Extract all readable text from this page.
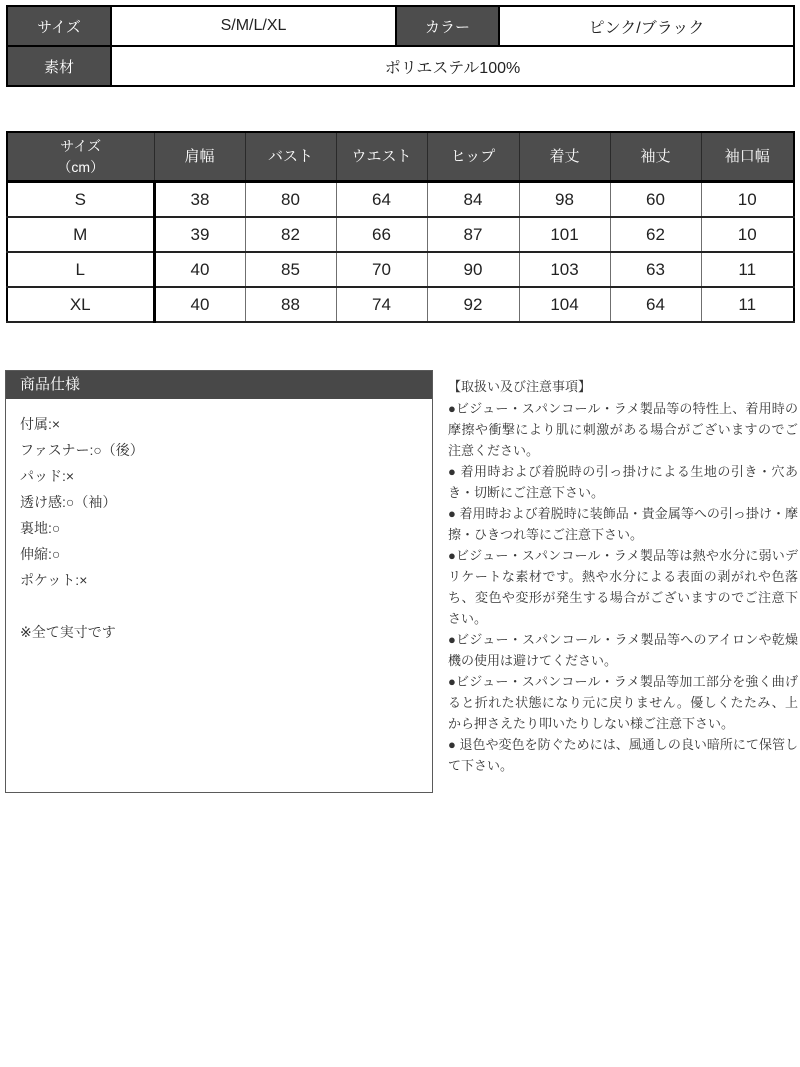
サイズ	S/M/L/XL	カラー	ピンク/ブラック
素材	ポリエステル100%		
サイズ
（cm）	肩幅	バスト	ウエスト	ヒップ	着丈	袖丈	袖口幅
S	38	80	64	84	98	60	10
M	39	82	66	87	101	62	10
L	40	85	70	90	103	63	11
XL	40	88	74	92	104	64	11
商品仕様
付属:×
ファスナー:○（後）
パッド:×
透け感:○（袖）
裏地:○
伸縮:○
ポケット:×
※全て実寸です

【取扱い及び注意事項】

●ビジュー・スパンコール・ラメ製品等の特性上、着用時の摩擦や衝撃により肌に刺激がある場合がございますのでご注意ください。

● 着用時および着脱時の引っ掛けによる生地の引き・穴あき・切断にご注意下さい。

● 着用時および着脱時に装飾品・貴金属等への引っ掛け・摩擦・ひきつれ等にご注意下さい。

●ビジュー・スパンコール・ラメ製品等は熱や水分に弱いデリケートな素材です。熱や水分による表面の剥がれや色落ち、変色や変形が発生する場合がございますのでご注意下さい。

●ビジュー・スパンコール・ラメ製品等へのアイロンや乾燥機の使用は避けてください。

●ビジュー・スパンコール・ラメ製品等加工部分を強く曲げると折れた状態になり元に戻りません。優しくたたみ、上から押さえたり叩いたりしない様ご注意下さい。

● 退色や変色を防ぐためには、風通しの良い暗所にて保管して下さい。
